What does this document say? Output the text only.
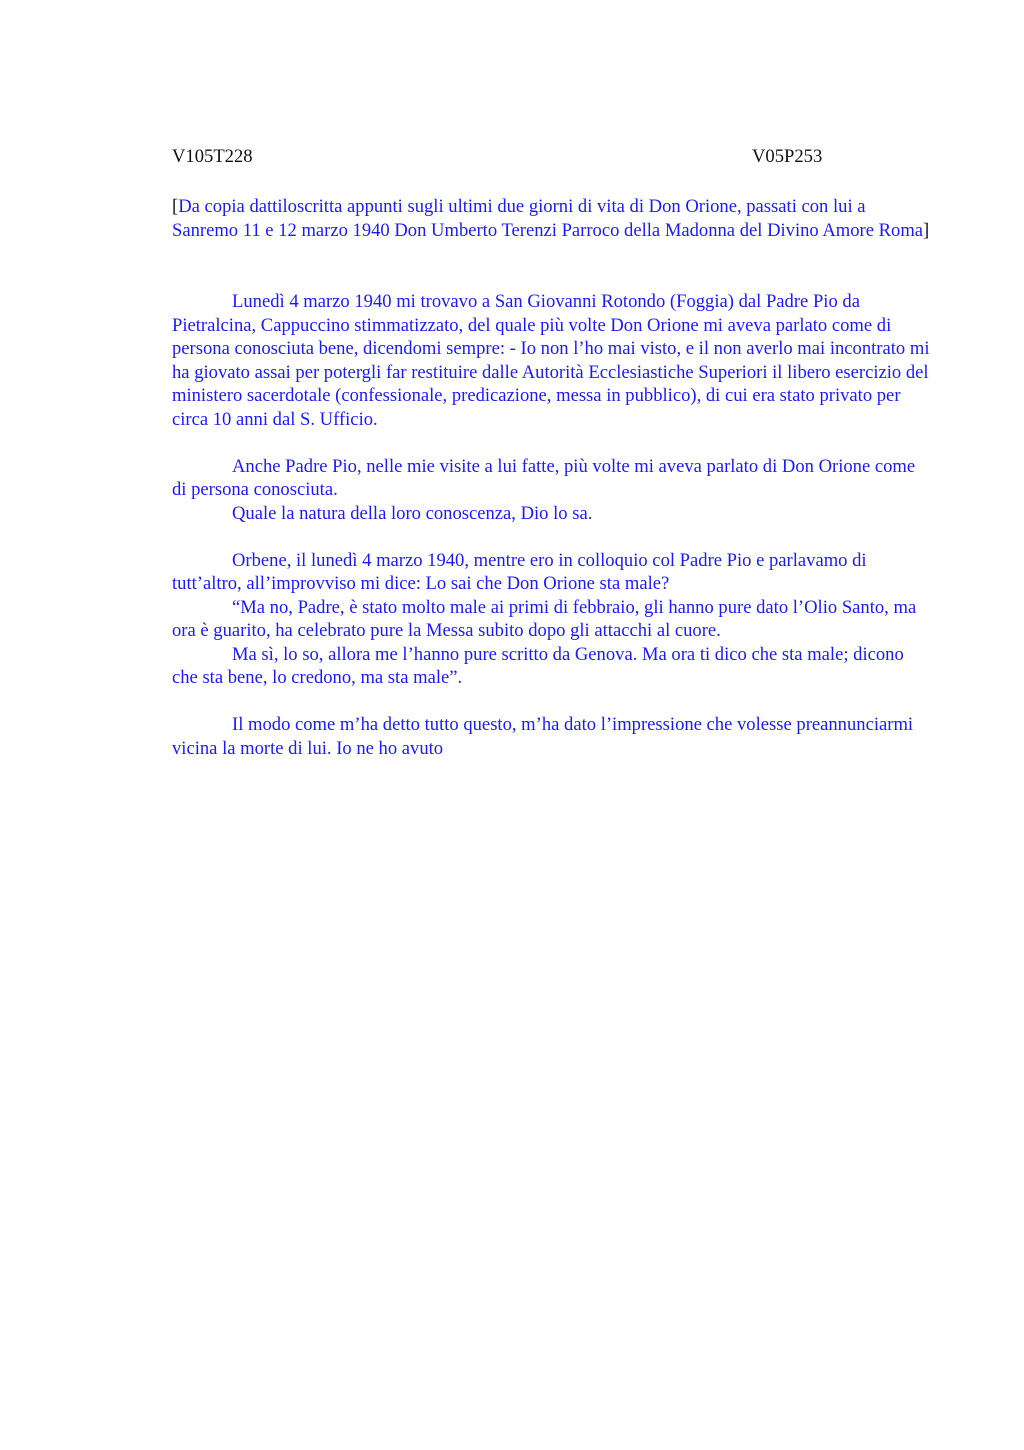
V105T228	V05P253

[Da copia dattiloscritta appunti sugli ultimi due giorni di vita di Don Orione, passati con lui a Sanremo 11 e 12 marzo 1940 Don Umberto Terenzi Parroco della Madonna del Divino Amore Roma]

Lunedì 4 marzo 1940 mi trovavo a San Giovanni Rotondo (Foggia) dal Padre Pio da Pietralcina, Cappuccino stimmatizzato, del quale più volte Don Orione mi aveva parlato come di persona conosciuta bene, dicendomi sempre: - Io non l’ho mai visto, e il non averlo mai incontrato mi ha giovato assai per potergli far restituire dalle Autorità Ecclesiastiche Superiori il libero esercizio del ministero sacerdotale (confessionale, predicazione, messa in pubblico), di cui era stato privato per circa 10 anni dal S. Ufficio.

Anche Padre Pio, nelle mie visite a lui fatte, più volte mi aveva parlato di Don Orione come di persona conosciuta.

Quale la natura della loro conoscenza, Dio lo sa.

Orbene, il lunedì 4 marzo 1940, mentre ero in colloquio col Padre Pio e parlavamo di tutt’altro, all’improvviso mi dice: Lo sai che Don Orione sta male?

“Ma no, Padre, è stato molto male ai primi di febbraio, gli hanno pure dato l’Olio Santo, ma ora è guarito, ha celebrato pure la Messa subito dopo gli attacchi al cuore.

Ma sì, lo so, allora me l’hanno pure scritto da Genova. Ma ora ti dico che sta male; dicono che sta bene, lo credono, ma sta male”.

Il modo come m’ha detto tutto questo, m’ha dato l’impressione che volesse preannunciarmi vicina la morte di lui. Io ne ho avuto
